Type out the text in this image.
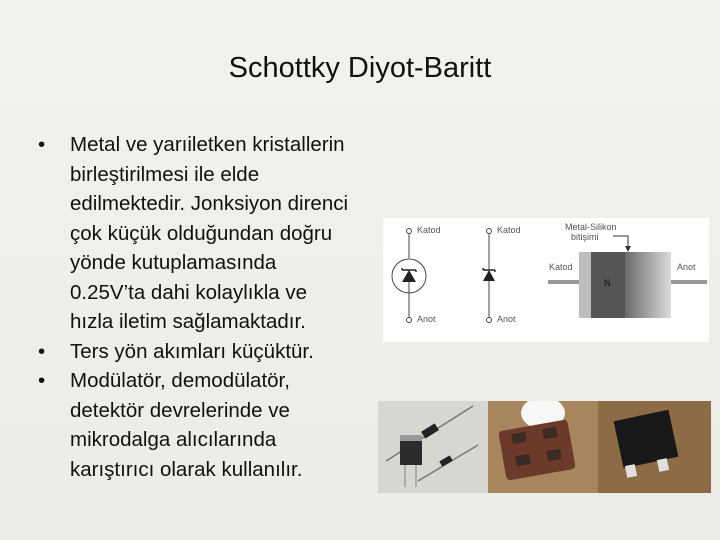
Schottky Diyot-Baritt
• Metal ve yarıiletken kristallerin
birleştirilmesi ile elde
edilmektedir. Jonksiyon direnci
çok küçük olduğundan doğru
yönde kutuplamasında
0.25V’ta dahi kolaylıkla ve
hızla iletim sağlamaktadır.
• Ters yön akımları küçüktür.
• Modülatör, demodülatör,
detektör devrelerinde ve
mikrodalga alıcılarında
karıştırıcı olarak kullanılır.
Katod
Anot
Katod
Anot
Metal-Silikon
bitişimi
Katod	Anot
N
